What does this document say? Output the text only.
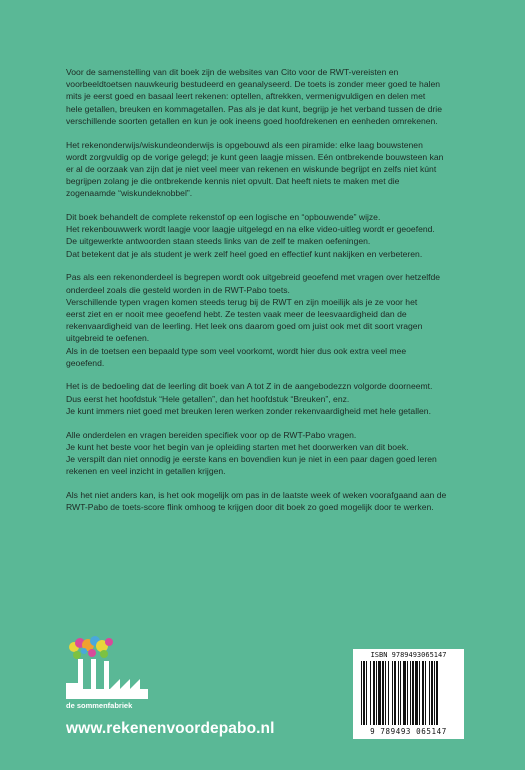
Voor de samenstelling van dit boek zijn de websites van Cito voor de RWT-vereisten en
voorbeeldtoetsen nauwkeurig bestudeerd en geanalyseerd. De toets is zonder meer goed te halen
mits je eerst goed en basaal leert rekenen: optellen, aftrekken, vermenigvuldigen en delen met
hele getallen, breuken en kommagetallen. Pas als je dat kunt, begrijp je het verband tussen de drie
verschillende soorten getallen en kun je ook ineens goed hoofdrekenen en eenheden omrekenen.
Het rekenonderwijs/wiskundeonderwijs is opgebouwd als een piramide: elke laag bouwstenen
wordt zorgvuldig op de vorige gelegd; je kunt geen laagje missen. Eén ontbrekende bouwsteen kan
er al de oorzaak van zijn dat je niet veel meer van rekenen en wiskunde begrijpt en zelfs niet kúnt
begrijpen zolang je die ontbrekende kennis niet opvult. Dat heeft niets te maken met die
zogenaamde “wiskundeknobbel”.
Dit boek behandelt de complete rekenstof op een logische en “opbouwende” wijze.
Het rekenbouwwerk wordt laagje voor laagje uitgelegd en na elke video-uitleg wordt er geoefend.
De uitgewerkte antwoorden staan steeds links van de zelf te maken oefeningen.
Dat betekent dat je als student je werk zelf heel goed en effectief kunt nakijken en verbeteren.
Pas als een rekenonderdeel is begrepen wordt ook uitgebreid geoefend met vragen over hetzelfde
onderdeel zoals die gesteld worden in de RWT-Pabo toets.
Verschillende typen vragen komen steeds terug bij de RWT en zijn moeilijk als je ze voor het
eerst ziet en er nooit mee geoefend hebt. Ze testen vaak meer de leesvaardigheid dan de
rekenvaardigheid van de leerling. Het leek ons daarom goed om juist ook met dit soort vragen
uitgebreid te oefenen.
Als in de toetsen een bepaald type som veel voorkomt, wordt hier dus ook extra veel mee
geoefend.
Het is de bedoeling dat de leerling dit boek van A tot Z in de aangebodezzn volgorde doorneemt.
Dus eerst het hoofdstuk “Hele getallen”, dan het hoofdstuk “Breuken”, enz.
Je kunt immers niet goed met breuken leren werken zonder rekenvaardigheid met hele getallen.
Alle onderdelen en vragen bereiden specifiek voor op de RWT-Pabo vragen.
Je kunt het beste voor het begin van je opleiding starten met het doorwerken van dit boek.
Je verspilt dan niet onnodig je eerste kans en bovendien kun je niet in een paar dagen goed leren
rekenen en veel inzicht in getallen krijgen.
Als het niet anders kan, is het ook mogelijk om pas in de laatste week of weken voorafgaand aan de
RWT-Pabo de toets-score flink omhoog te krijgen door dit boek zo goed mogelijk door te werken.
de sommenfabriek
www.rekenenvoordepabo.nl
ISBN 9789493065147
9 789493 065147
